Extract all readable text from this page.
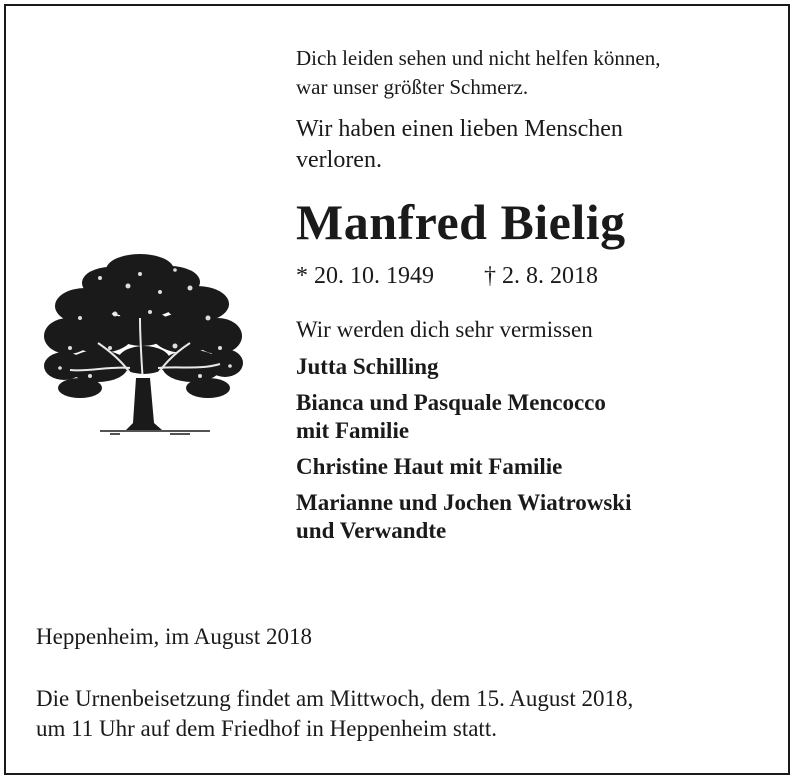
Dich leiden sehen und nicht helfen können,

war unser größter Schmerz.

Wir haben einen lieben Menschen

verloren.

Manfred Bielig
* 20. 10. 1949 † 2. 8. 2018
Wir werden dich sehr vermissen

Jutta Schilling

Bianca und Pasquale Mencocco

mit Familie

Christine Haut mit Familie

Marianne und Jochen Wiatrowski

und Verwandte

Heppenheim, im August 2018

Die Urnenbeisetzung findet am Mittwoch, dem 15. August 2018,

um 11 Uhr auf dem Friedhof in Heppenheim statt.
